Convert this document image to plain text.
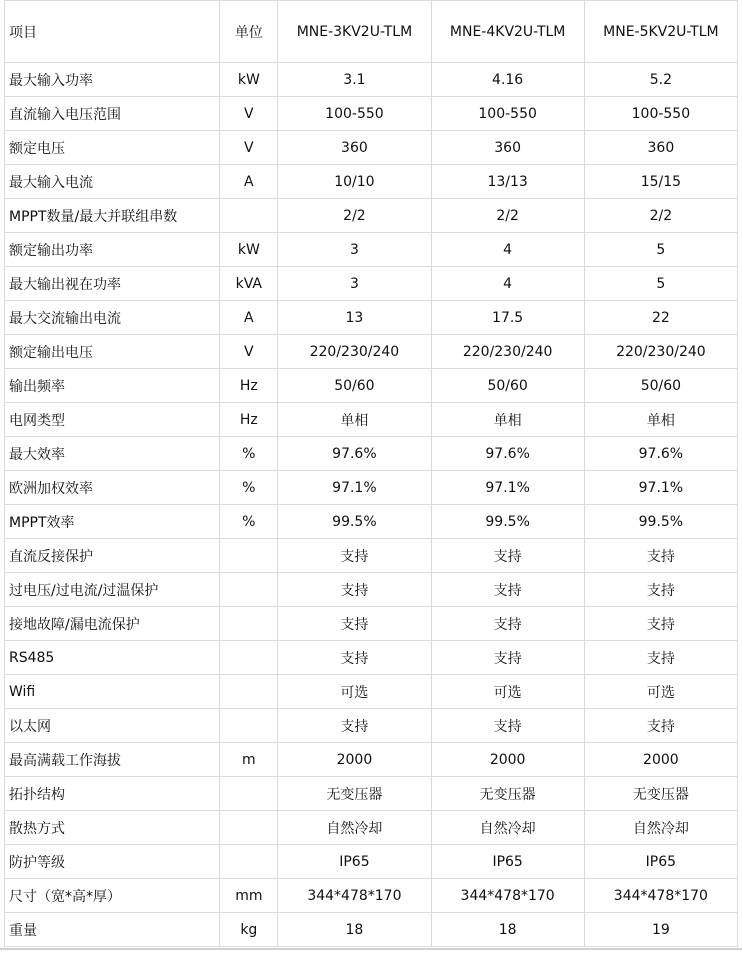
项目	单位	MNE-3KV2U-TLM	MNE-4KV2U-TLM	MNE-5KV2U-TLM
最大输入功率	kW	3.1	4.16	5.2
直流输入电压范围	V	100-550	100-550	100-550
额定电压	V	360	360	360
最大输入电流	A	10/10	13/13	15/15
MPPT数量/最大并联组串数		2/2	2/2	2/2
额定输出功率	kW	3	4	5
最大输出视在功率	kVA	3	4	5
最大交流输出电流	A	13	17.5	22
额定输出电压	V	220/230/240	220/230/240	220/230/240
输出频率	Hz	50/60	50/60	50/60
电网类型	Hz	单相	单相	单相
最大效率	%	97.6%	97.6%	97.6%
欧洲加权效率	%	97.1%	97.1%	97.1%
MPPT效率	%	99.5%	99.5%	99.5%
直流反接保护		支持	支持	支持
过电压/过电流/过温保护		支持	支持	支持
接地故障/漏电流保护		支持	支持	支持
RS485		支持	支持	支持
Wifi		可选	可选	可选
以太网		支持	支持	支持
最高满载工作海拔	m	2000	2000	2000
拓扑结构		无变压器	无变压器	无变压器
散热方式		自然冷却	自然冷却	自然冷却
防护等级		IP65	IP65	IP65
尺寸（宽*高*厚）	mm	344*478*170	344*478*170	344*478*170
重量	kg	18	18	19
